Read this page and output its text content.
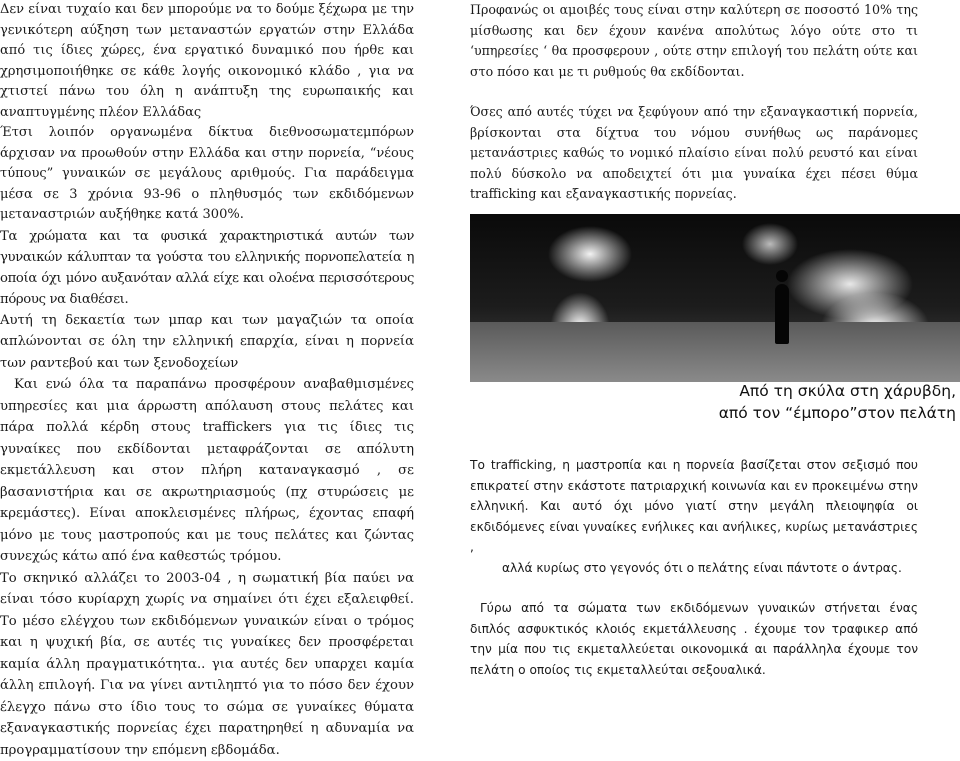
Δεν είναι τυχαίο και δεν μπορούμε να το δούμε ξέχωρα με την γενικότερη αύξηση των μεταναστών εργατών στην Ελλάδα από τις ίδιες χώρες, ένα εργατικό δυναμικό που ήρθε και χρησιμοποιήθηκε σε κάθε λογής οικονομικό κλάδο , για να χτιστεί πάνω του όλη η ανάπτυξη της ευρωπαικής και αναπτυγμένης πλέον Ελλάδας

Έτσι λοιπόν οργανωμένα δίκτυα διεθνοσωματεμπόρων άρχισαν να προωθούν στην Ελλάδα και στην πορνεία, “νέους τύπους” γυναικών σε μεγάλους αριθμούς. Για παράδειγμα μέσα σε 3 χρόνια 93-96 ο πληθυσμός των εκδιδόμενων μεταναστριών αυξήθηκε κατά 300%.

Τα χρώματα και τα φυσικά χαρακτηριστικά αυτών των γυναικών κάλυπταν τα γούστα του ελληνικής πορνοπελατεία η οποία όχι μόνο αυξανόταν αλλά είχε και ολοένα περισσότερους πόρους να διαθέσει.

Αυτή τη δεκαετία των μπαρ και των μαγαζιών τα οποία απλώνονται σε όλη την ελληνική επαρχία, είναι η πορνεία των ραντεβού και των ξενοδοχείων

Και ενώ όλα τα παραπάνω προσφέρουν αναβαθμισμένες υπηρεσίες και μια άρρωστη απόλαυση στους πελάτες και πάρα πολλά κέρδη στους traffickers για τις ίδιες τις γυναίκες που εκδίδονται μεταφράζονται σε απόλυτη εκμετάλλευση και στον πλήρη καταναγκασμό , σε βασανιστήρια και σε ακρωτηριασμούς (πχ στυρώσεις με κρεμάστες). Είναι αποκλεισμένες πλήρως, έχοντας επαφή μόνο με τους μαστροπούς και με τους πελάτες και ζώντας συνεχώς κάτω από ένα καθεστώς τρόμου.

Το σκηνικό αλλάζει το 2003-04 , η σωματική βία παύει να είναι τόσο κυρίαρχη χωρίς να σημαίνει ότι έχει εξαλειφθεί. Το μέσο ελέγχου των εκδιδόμενων γυναικών είναι ο τρόμος και η ψυχική βία, σε αυτές τις γυναίκες δεν προσφέρεται καμία άλλη πραγματικότητα.. για αυτές δεν υπαρχει καμία άλλη επιλογή. Για να γίνει αντιληπτό για το πόσο δεν έχουν έλεγχο πάνω στο ίδιο τους το σώμα σε γυναίκες θύματα εξαναγκαστικής πορνείας έχει παρατηρηθεί η αδυναμία να προγραμματίσουν την επόμενη εβδομάδα.

Προφανώς οι αμοιβές τους είναι στην καλύτερη σε ποσοστό 10% της μίσθωσης και δεν έχουν κανένα απολύτως λόγο ούτε στο τι ‘υπηρεσίες ‘ θα προσφερουν , ούτε στην επιλογή του πελάτη ούτε και στο πόσο και με τι ρυθμούς θα εκδίδονται.

Όσες από αυτές τύχει να ξεφύγουν από την εξαναγκαστική πορνεία, βρίσκονται στα δίχτυα του νόμου συνήθως ως παράνομες μετανάστριες καθώς το νομικό πλαίσιο είναι πολύ ρευστό και είναι πολύ δύσκολο να αποδειχτεί ότι μια γυναίκα έχει πέσει θύμα trafficking και εξαναγκαστικής πορνείας.

Από τη σκύλα στη χάρυβδη,
από τον “έμπορο”στον πελάτη

Το trafficking, η μαστροπία και η πορνεία βασίζεται στον σεξισμό που επικρατεί στην εκάστοτε πατριαρχική κοινωνία και εν προκειμένω στην ελληνική. Και αυτό όχι μόνο γιατί στην μεγάλη πλειοψηφία οι εκδιδόμενες είναι γυναίκες ενήλικες και ανήλικες, κυρίως μετανάστριες ,

αλλά κυρίως στο γεγονός ότι ο πελάτης είναι πάντοτε ο άντρας.

Γύρω από τα σώματα των εκδιδόμενων γυναικών στήνεται ένας διπλός ασφυκτικός κλοιός εκμετάλλευσης . έχουμε τον τραφικερ από την μία που τις εκμεταλλεύεται οικονομικά αι παράλληλα έχουμε τον πελάτη ο οποίος τις εκμεταλλεύται σεξουαλικά.
